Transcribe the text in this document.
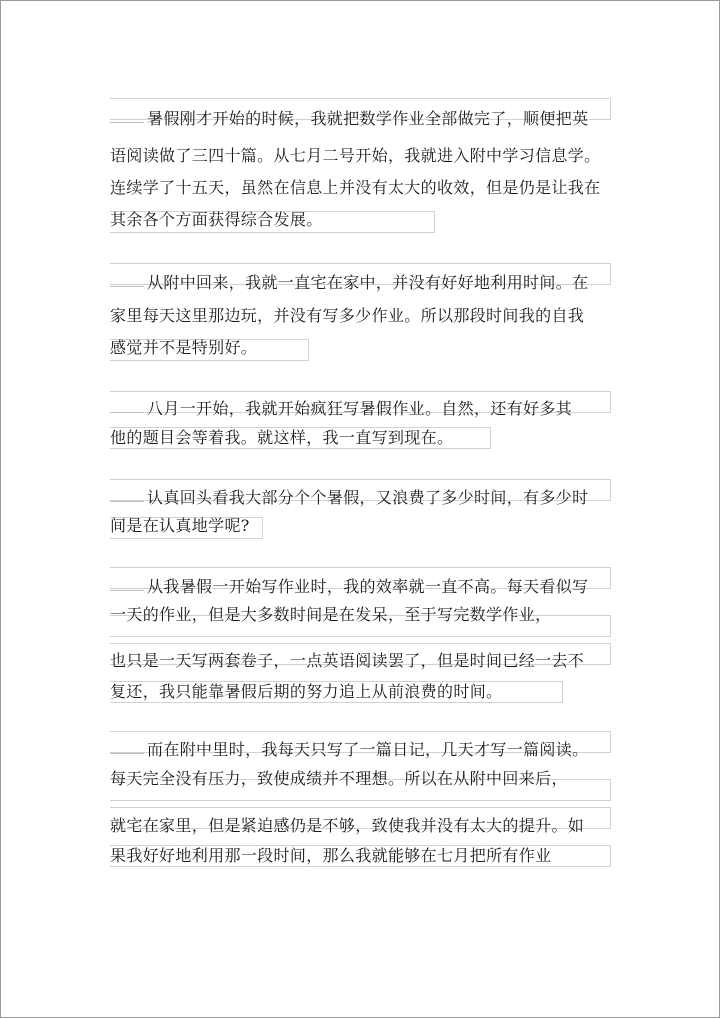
暑假刚才开始的时候，我就把数学作业全部做完了，顺便把英
语阅读做了三四十篇。从七月二号开始，我就进入附中学习信息学。
连续学了十五天，虽然在信息上并没有太大的收效，但是仍是让我在
其余各个方面获得综合发展。
从附中回来，我就一直宅在家中，并没有好好地利用时间。在
家里每天这里那边玩，并没有写多少作业。所以那段时间我的自我
感觉并不是特别好。
八月一开始，我就开始疯狂写暑假作业。自然，还有好多其
他的题目会等着我。就这样，我一直写到现在。
认真回头看我大部分个个暑假，又浪费了多少时间，有多少时
间是在认真地学呢?
从我暑假一开始写作业时，我的效率就一直不高。每天看似写
一天的作业，但是大多数时间是在发呆，至于写完数学作业，
也只是一天写两套卷子，一点英语阅读罢了，但是时间已经一去不
复还，我只能靠暑假后期的努力追上从前浪费的时间。
而在附中里时，我每天只写了一篇日记，几天才写一篇阅读。
每天完全没有压力，致使成绩并不理想。所以在从附中回来后，
就宅在家里，但是紧迫感仍是不够，致使我并没有太大的提升。如
果我好好地利用那一段时间，那么我就能够在七月把所有作业
